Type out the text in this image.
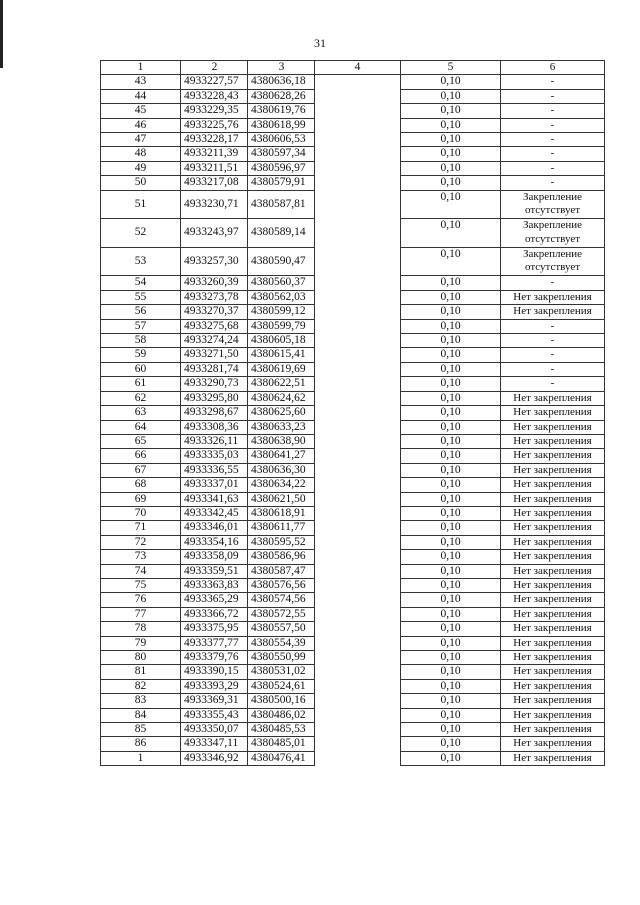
31
1	2	3	4	5	6
43	4933227,57	4380636,18		0,10	-
44	4933228,43	4380628,26		0,10	-
45	4933229,35	4380619,76		0,10	-
46	4933225,76	4380618,99		0,10	-
47	4933228,17	4380606,53		0,10	-
48	4933211,39	4380597,34		0,10	-
49	4933211,51	4380596,97		0,10	-
50	4933217,08	4380579,91		0,10	-
51	4933230,71	4380587,81		0,10	Закрепление отсутствует
52	4933243,97	4380589,14		0,10	Закрепление отсутствует
53	4933257,30	4380590,47		0,10	Закрепление отсутствует
54	4933260,39	4380560,37		0,10	-
55	4933273,78	4380562,03		0,10	Нет закрепления
56	4933270,37	4380599,12		0,10	Нет закрепления
57	4933275,68	4380599,79		0,10	-
58	4933274,24	4380605,18		0,10	-
59	4933271,50	4380615,41		0,10	-
60	4933281,74	4380619,69		0,10	-
61	4933290,73	4380622,51		0,10	-
62	4933295,80	4380624,62		0,10	Нет закрепления
63	4933298,67	4380625,60		0,10	Нет закрепления
64	4933308,36	4380633,23		0,10	Нет закрепления
65	4933326,11	4380638,90		0,10	Нет закрепления
66	4933335,03	4380641,27		0,10	Нет закрепления
67	4933336,55	4380636,30		0,10	Нет закрепления
68	4933337,01	4380634,22		0,10	Нет закрепления
69	4933341,63	4380621,50		0,10	Нет закрепления
70	4933342,45	4380618,91		0,10	Нет закрепления
71	4933346,01	4380611,77		0,10	Нет закрепления
72	4933354,16	4380595,52		0,10	Нет закрепления
73	4933358,09	4380586,96		0,10	Нет закрепления
74	4933359,51	4380587,47		0,10	Нет закрепления
75	4933363,83	4380576,56		0,10	Нет закрепления
76	4933365,29	4380574,56		0,10	Нет закрепления
77	4933366,72	4380572,55		0,10	Нет закрепления
78	4933375,95	4380557,50		0,10	Нет закрепления
79	4933377,77	4380554,39		0,10	Нет закрепления
80	4933379,76	4380550,99		0,10	Нет закрепления
81	4933390,15	4380531,02		0,10	Нет закрепления
82	4933393,29	4380524,61		0,10	Нет закрепления
83	4933369,31	4380500,16		0,10	Нет закрепления
84	4933355,43	4380486,02		0,10	Нет закрепления
85	4933350,07	4380485,53		0,10	Нет закрепления
86	4933347,11	4380485,01		0,10	Нет закрепления
1	4933346,92	4380476,41		0,10	Нет закрепления
